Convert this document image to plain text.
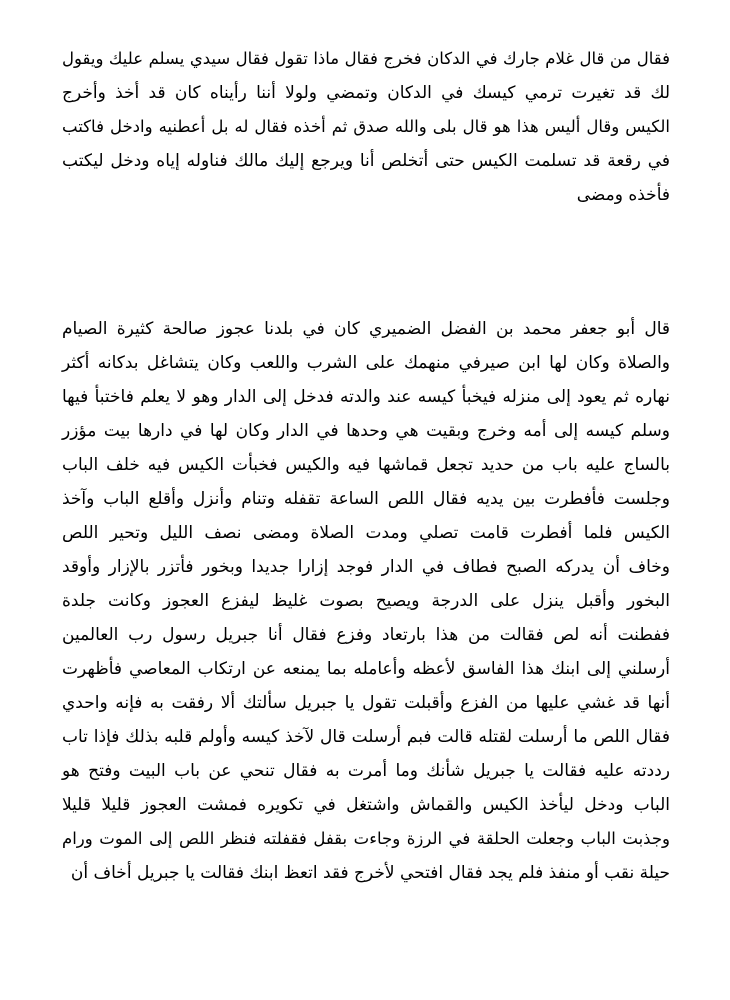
فقال من قال غلام جارك في الدكان فخرج فقال ماذا تقول فقال سيدي يسلم عليك ويقول
لك قد تغيرت ترمي كيسك في الدكان وتمضي ولولا أننا رأيناه كان قد أخذ وأخرج
الكيس وقال أليس هذا هو قال بلى والله صدق ثم أخذه فقال له بل أعطنيه وادخل فاكتب
في رقعة قد تسلمت الكيس حتى أتخلص أنا ويرجع إليك مالك فناوله إياه ودخل ليكتب
فأخذه ومضى
قال أبو جعفر محمد بن الفضل الضميري كان في بلدنا عجوز صالحة كثيرة الصيام
والصلاة وكان لها ابن صيرفي منهمك على الشرب واللعب وكان يتشاغل بدكانه أكثر
نهاره ثم يعود إلى منزله فيخبأ كيسه عند والدته فدخل إلى الدار وهو لا يعلم فاختبأ فيها
وسلم كيسه إلى أمه وخرج وبقيت هي وحدها في الدار وكان لها في دارها بيت مؤزر
بالساج عليه باب من حديد تجعل قماشها فيه والكيس فخبأت الكيس فيه خلف الباب
وجلست فأفطرت بين يديه فقال اللص الساعة تقفله وتنام وأنزل وأقلع الباب وآخذ
الكيس فلما أفطرت قامت تصلي ومدت الصلاة ومضى نصف الليل وتحير اللص
وخاف أن يدركه الصبح فطاف في الدار فوجد إزارا جديدا وبخور فأتزر بالإزار وأوقد
البخور وأقبل ينزل على الدرجة ويصيح بصوت غليظ ليفزع العجوز وكانت جلدة
ففطنت أنه لص فقالت من هذا بارتعاد وفزع فقال أنا جبريل رسول رب العالمين
أرسلني إلى ابنك هذا الفاسق لأعظه وأعامله بما يمنعه عن ارتكاب المعاصي فأظهرت
أنها قد غشي عليها من الفزع وأقبلت تقول يا جبريل سألتك ألا رفقت به فإنه واحدي
فقال اللص ما أرسلت لقتله قالت فبم أرسلت قال لآخذ كيسه وأولم قلبه بذلك فإذا تاب
رددته عليه فقالت يا جبريل شأنك وما أمرت به فقال تنحي عن باب البيت وفتح هو
الباب ودخل ليأخذ الكيس والقماش واشتغل في تكويره فمشت العجوز قليلا قليلا
وجذبت الباب وجعلت الحلقة في الرزة وجاءت بقفل فقفلته فنظر اللص إلى الموت ورام
حيلة نقب أو منفذ فلم يجد فقال افتحي لأخرج فقد اتعظ ابنك فقالت يا جبريل أخاف أن
